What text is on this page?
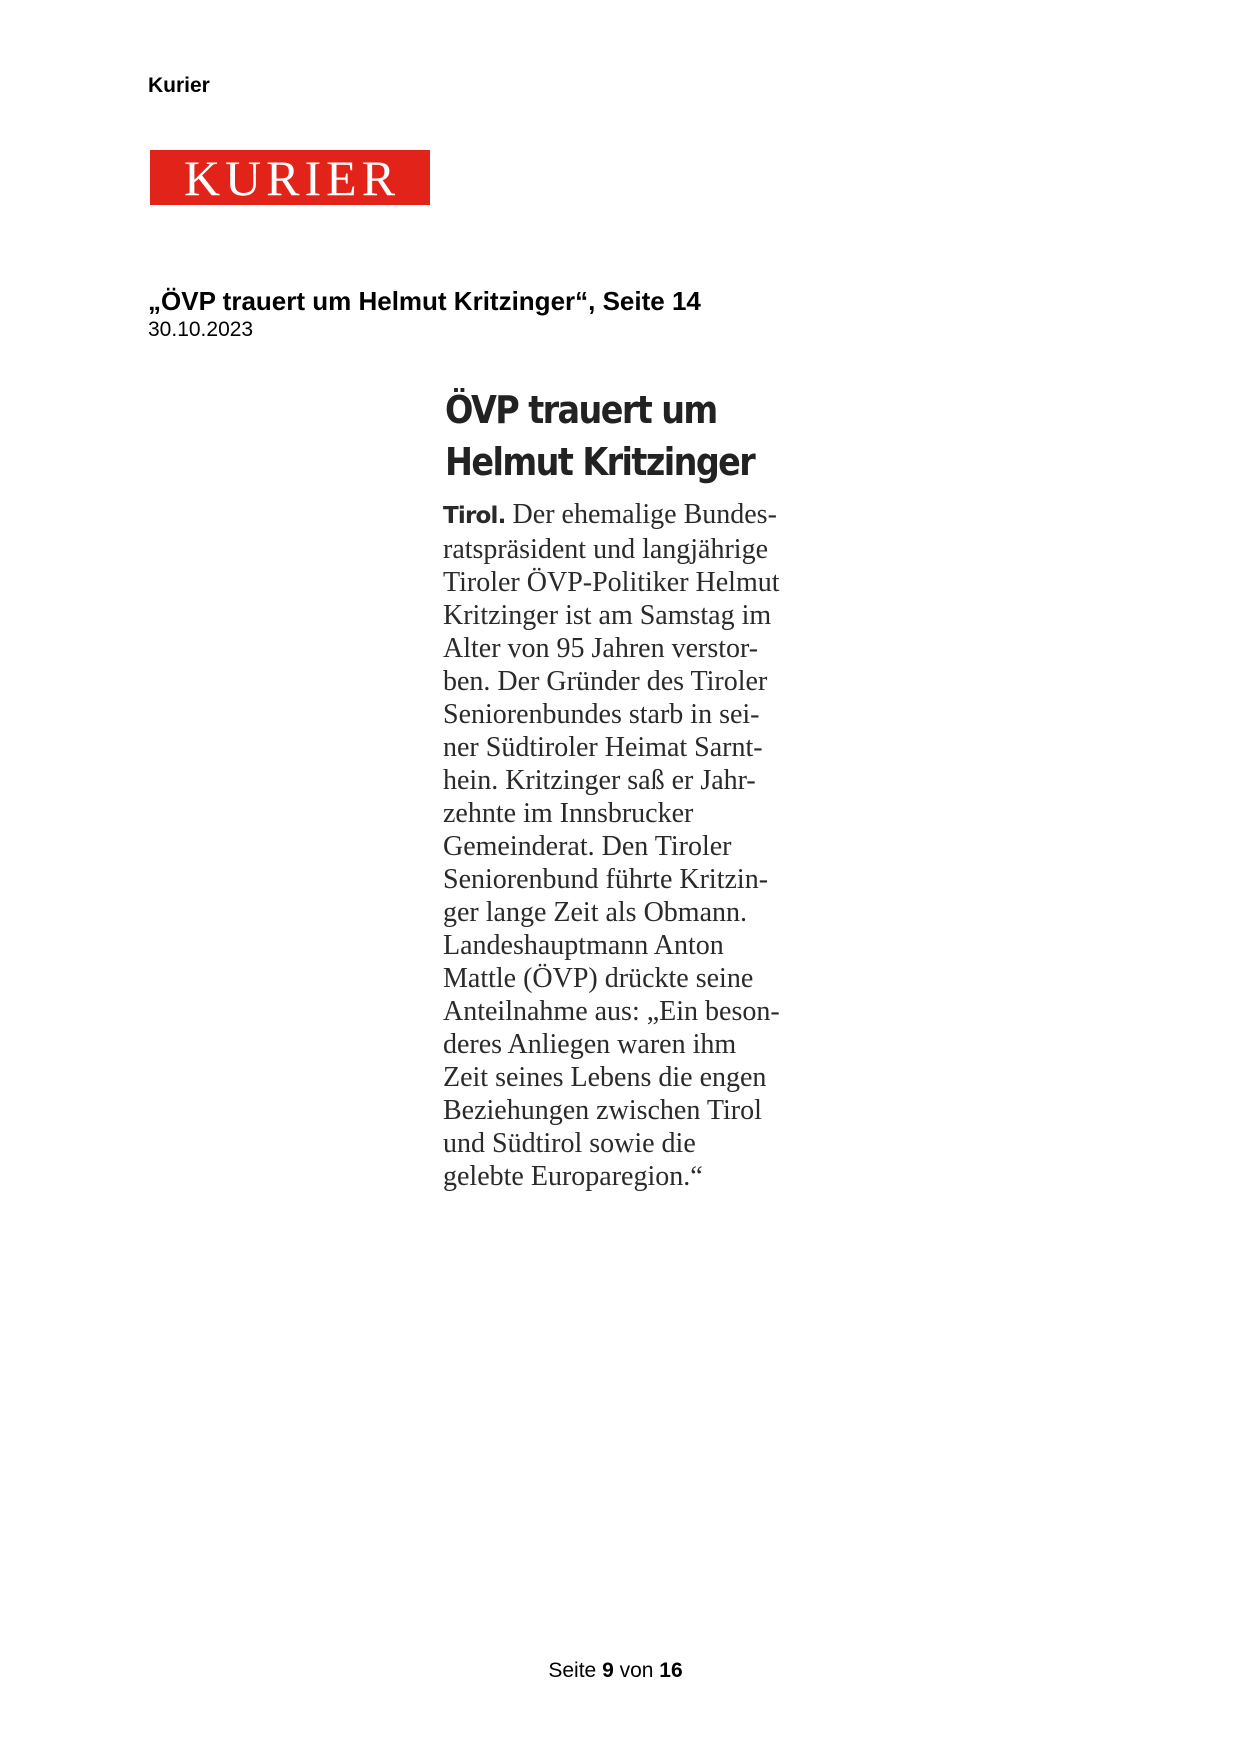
Kurier
KURIER
„ÖVP trauert um Helmut Kritzinger“, Seite 14
30.10.2023
ÖVP trauert um
Helmut Kritzinger
Tirol. Der ehemalige Bundes-
ratspräsident und langjährige
Tiroler ÖVP-Politiker Helmut
Kritzinger ist am Samstag im
Alter von 95 Jahren verstor-
ben. Der Gründer des Tiroler
Seniorenbundes starb in sei-
ner Südtiroler Heimat Sarnt-
hein. Kritzinger saß er Jahr-
zehnte im Innsbrucker
Gemeinderat. Den Tiroler
Seniorenbund führte Kritzin-
ger lange Zeit als Obmann.
Landeshauptmann Anton
Mattle (ÖVP) drückte seine
Anteilnahme aus: „Ein beson-
deres Anliegen waren ihm
Zeit seines Lebens die engen
Beziehungen zwischen Tirol
und Südtirol sowie die
gelebte Europaregion.“
Seite 9 von 16
